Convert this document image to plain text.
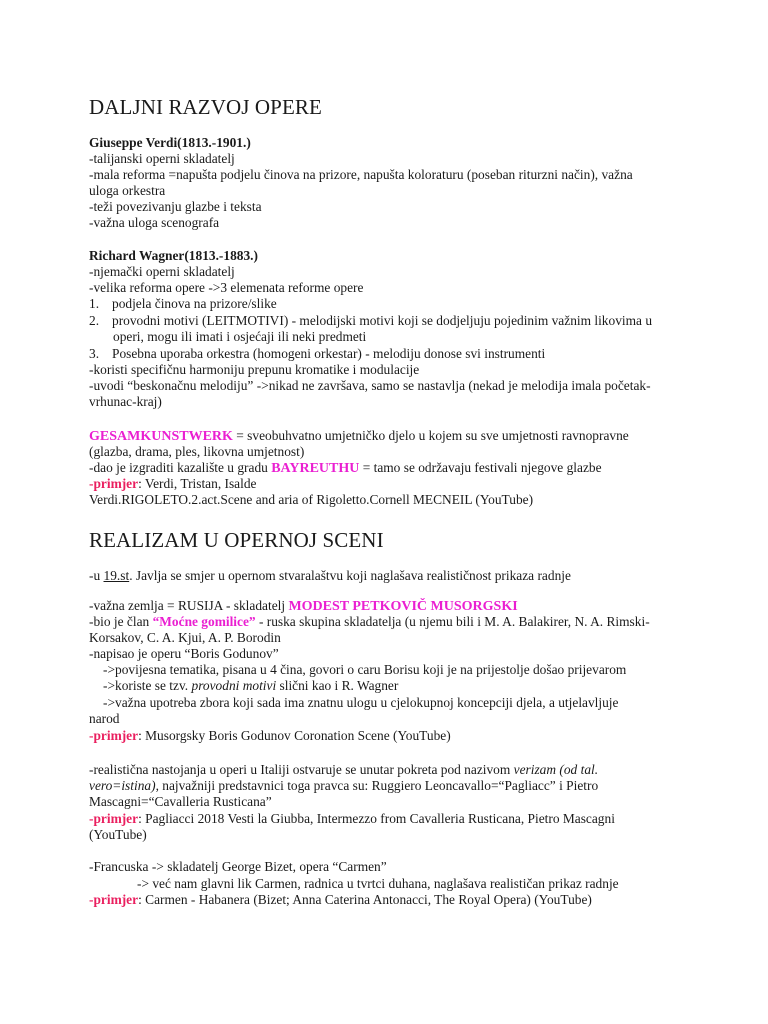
DALJNI RAZVOJ OPERE
Giuseppe Verdi(1813.-1901.)
-talijanski operni skladatelj
-mala reforma =napušta podjelu činova na prizore, napušta koloraturu (poseban riturzni način), važna
uloga orkestra
-teži povezivanju glazbe i teksta
-važna uloga scenografa
Richard Wagner(1813.-1883.)
-njemački operni skladatelj
-velika reforma opere ->3 elemenata reforme opere
1. podjela činova na prizore/slike
2. provodni motivi (LEITMOTIVI) - melodijski motivi koji se dodjeljuju pojedinim važnim likovima u
operi, mogu ili imati i osjećaji ili neki predmeti
3. Posebna uporaba orkestra (homogeni orkestar) - melodiju donose svi instrumenti
-koristi specifičnu harmoniju prepunu kromatike i modulacije
-uvodi “beskonačnu melodiju” ->nikad ne završava, samo se nastavlja (nekad je melodija imala početak-
vrhunac-kraj)
GESAMKUNSTWERK = sveobuhvatno umjetničko djelo u kojem su sve umjetnosti ravnopravne
(glazba, drama, ples, likovna umjetnost)
-dao je izgraditi kazalište u gradu BAYREUTHU = tamo se održavaju festivali njegove glazbe
-primjer: Verdi, Tristan, Isalde
Verdi.RIGOLETO.2.act.Scene and aria of Rigoletto.Cornell MECNEIL (YouTube)
REALIZAM U OPERNOJ SCENI
-u 19.st. Javlja se smjer u opernom stvaralaštvu koji naglašava realističnost prikaza radnje
-važna zemlja = RUSIJA - skladatelj MODEST PETKOVIČ MUSORGSKI
-bio je član “Moćne gomilice” - ruska skupina skladatelja (u njemu bili i M. A. Balakirer, N. A. Rimski-
Korsakov, C. A. Kjui, A. P. Borodin
-napisao je operu “Boris Godunov”
->povijesna tematika, pisana u 4 čina, govori o caru Borisu koji je na prijestolje došao prijevarom
->koriste se tzv. provodni motivi slični kao i R. Wagner
->važna upotreba zbora koji sada ima znatnu ulogu u cjelokupnoj koncepciji djela, a utjelavljuje
narod
-primjer: Musorgsky Boris Godunov Coronation Scene (YouTube)
-realistična nastojanja u operi u Italiji ostvaruje se unutar pokreta pod nazivom verizam (od tal.
vero=istina), najvažniji predstavnici toga pravca su: Ruggiero Leoncavallo=“Pagliacc” i Pietro
Mascagni=“Cavalleria Rusticana”
-primjer: Pagliacci 2018 Vesti la Giubba, Intermezzo from Cavalleria Rusticana, Pietro Mascagni
(YouTube)
-Francuska -> skladatelj George Bizet, opera “Carmen”
-> već nam glavni lik Carmen, radnica u tvrtci duhana, naglašava realističan prikaz radnje
-primjer: Carmen - Habanera (Bizet; Anna Caterina Antonacci, The Royal Opera) (YouTube)
